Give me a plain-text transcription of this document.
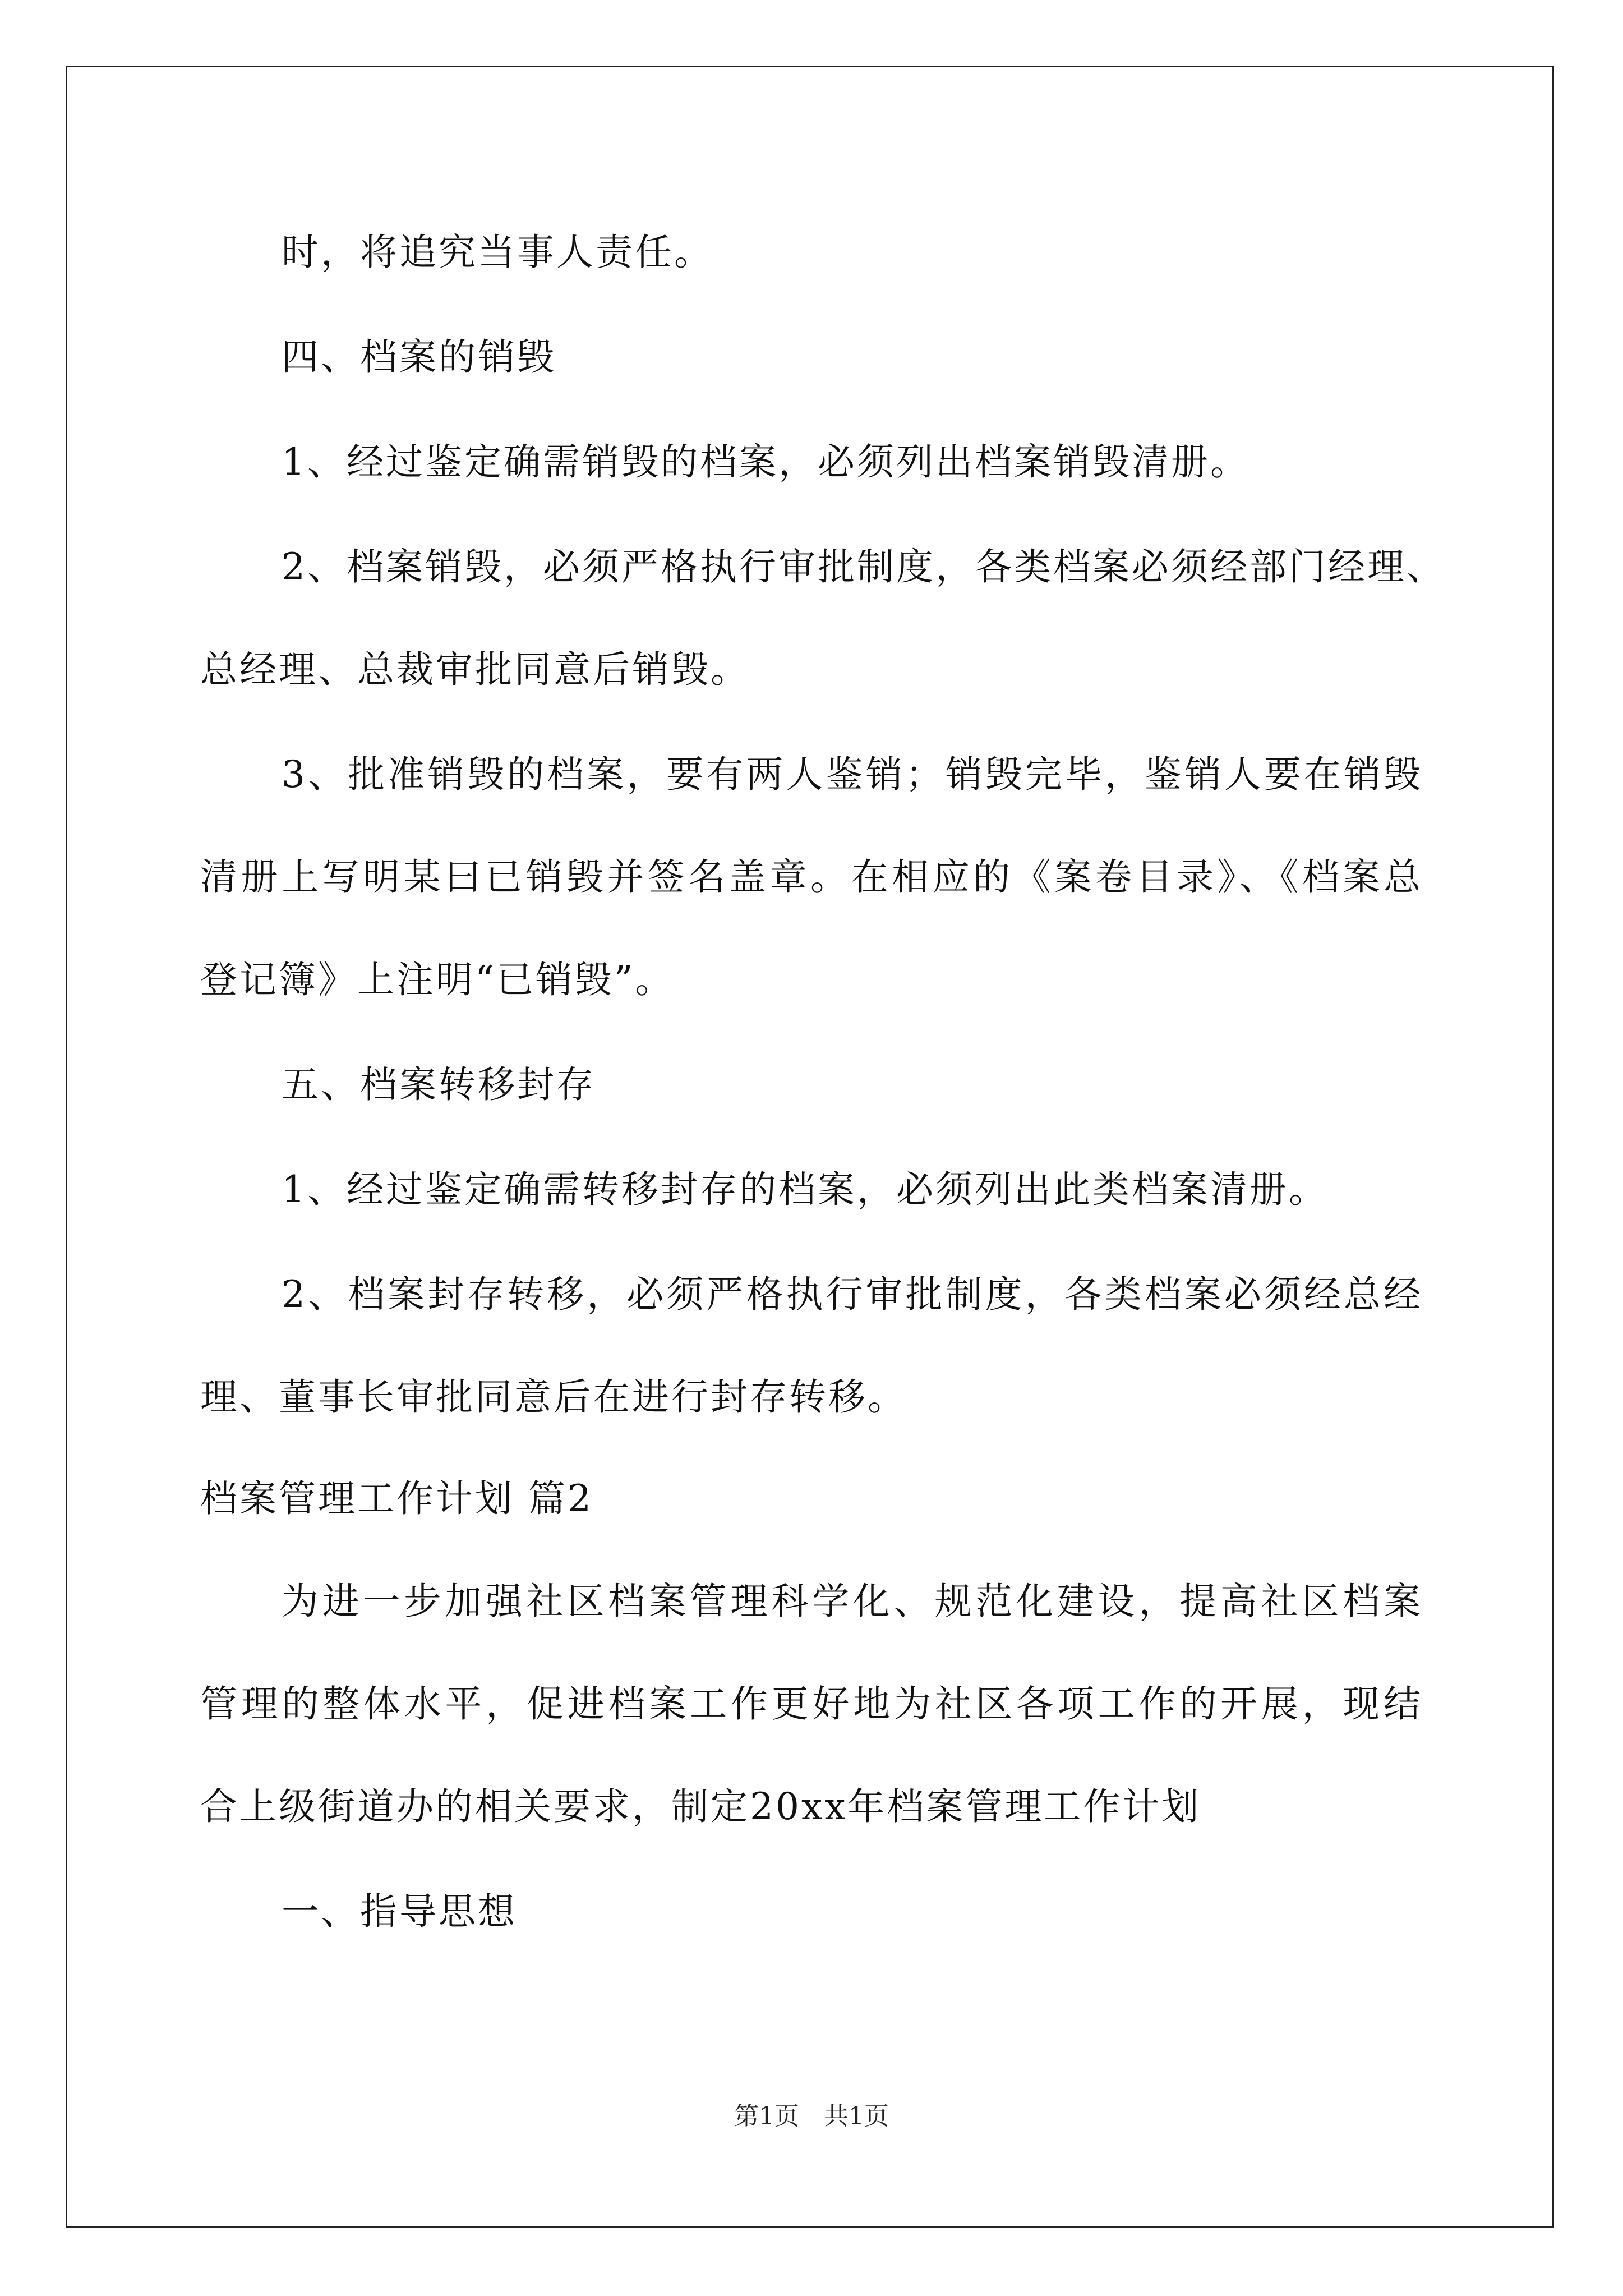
时，将追究当事人责任。
四、档案的销毁
1、经过鉴定确需销毁的档案，必须列出档案销毁清册。
2、档案销毁，必须严格执行审批制度，各类档案必须经部门经理、
总经理、总裁审批同意后销毁。
3、批准销毁的档案，要有两人鉴销；销毁完毕，鉴销人要在销毁
清册上写明某曰已销毁并签名盖章。在相应的《案卷目录》、《档案总
登记簿》上注明“已销毁”。
五、档案转移封存
1、经过鉴定确需转移封存的档案，必须列出此类档案清册。
2、档案封存转移，必须严格执行审批制度，各类档案必须经总经
理、董事长审批同意后在进行封存转移。
档案管理工作计划 篇2
为进一步加强社区档案管理科学化、规范化建设，提高社区档案
管理的整体水平，促进档案工作更好地为社区各项工作的开展，现结
合上级街道办的相关要求，制定20xx年档案管理工作计划
一、指导思想
第1页　共1页
